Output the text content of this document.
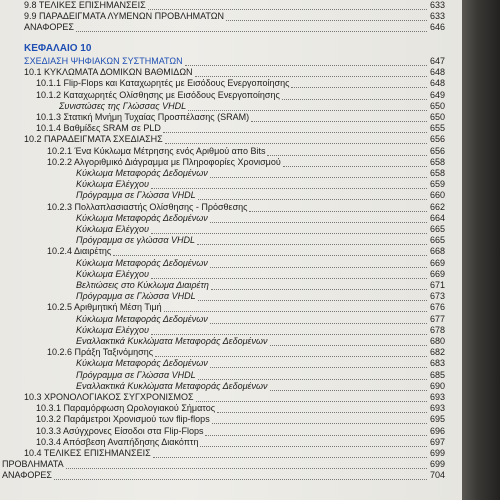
9.8 ΤΕΛΙΚΕΣ ΕΠΙΣΗΜΑΝΣΕΙΣ	633
9.9 ΠΑΡΑΔΕΙΓΜΑΤΑ ΛΥΜΕΝΩΝ ΠΡΟΒΛΗΜΑΤΩΝ	633
ΑΝΑΦΟΡΕΣ	646
ΚΕΦΑΛΑΙΟ 10
ΣΧΕΔΙΑΣΗ ΨΗΦΙΑΚΩΝ ΣΥΣΤΗΜΑΤΩΝ	647
10.1 ΚΥΚΛΩΜΑΤΑ ΔΟΜΙΚΩΝ ΒΑΘΜΙΔΩΝ	648
10.1.1 Flip-Flops και Καταχωρητές με Εισόδους Ενεργοποίησης	648
10.1.2 Καταχωρητές Ολίσθησης με Εισόδους Ενεργοποίησης	649
Συνιστώσες της Γλώσσας VHDL	650
10.1.3 Στατική Μνήμη Τυχαίας Προσπέλασης (SRAM)	650
10.1.4 Βαθμίδες SRAM σε PLD	655
10.2 ΠΑΡΑΔΕΙΓΜΑΤΑ ΣΧΕΔΙΑΣΗΣ	656
10.2.1 Ένα Κύκλωμα Μέτρησης ενός Αριθμού απο Bits	656
10.2.2 Αλγοριθμικό Διάγραμμα με Πληροφορίες Χρονισμού	658
Κύκλωμα Μεταφοράς Δεδομένων	658
Κύκλωμα Ελέγχου	659
Πρόγραμμα σε Γλώσσα VHDL	660
10.2.3 Πολλαπλασιαστής Ολίσθησης - Πρόσθεσης	662
Κύκλωμα Μεταφοράς Δεδομένων	664
Κύκλωμα Ελέγχου	665
Πρόγραμμα σε γλώσσα VHDL	665
10.2.4 Διαιρέτης	668
Κύκλωμα Μεταφοράς Δεδομένων	669
Κύκλωμα Ελέγχου	669
Βελτιώσεις στο Κύκλωμα Διαιρέτη	671
Πρόγραμμα σε Γλώσσα VHDL	673
10.2.5 Αριθμητική Μέση Τιμή	676
Κύκλωμα Μεταφοράς Δεδομένων	677
Κύκλωμα Ελέγχου	678
Εναλλακτικά Κυκλώματα Μεταφοράς Δεδομένων	680
10.2.6 Πράξη Ταξινόμησης	682
Κύκλωμα Μεταφοράς Δεδομένων	683
Πρόγραμμα σε Γλώσσα VHDL	685
Εναλλακτικά Κυκλώματα Μεταφοράς Δεδομένων	690
10.3 ΧΡΟΝΟΛΟΓΙΑΚΟΣ ΣΥΓΧΡΟΝΙΣΜΟΣ	693
10.3.1 Παραμόρφωση Ωρολογιακού Σήματος	693
10.3.2 Παράμετροι Χρονισμού των flip-flops	695
10.3.3 Ασύγχρονες Είσοδοι στα Flip-Flops	696
10.3.4 Απόσβεση Αναπήδησης Διακόπτη	697
10.4 ΤΕΛΙΚΕΣ ΕΠΙΣΗΜΑΝΣΕΙΣ	699
ΠΡΟΒΛΗΜΑΤΑ	699
ΑΝΑΦΟΡΕΣ	704
